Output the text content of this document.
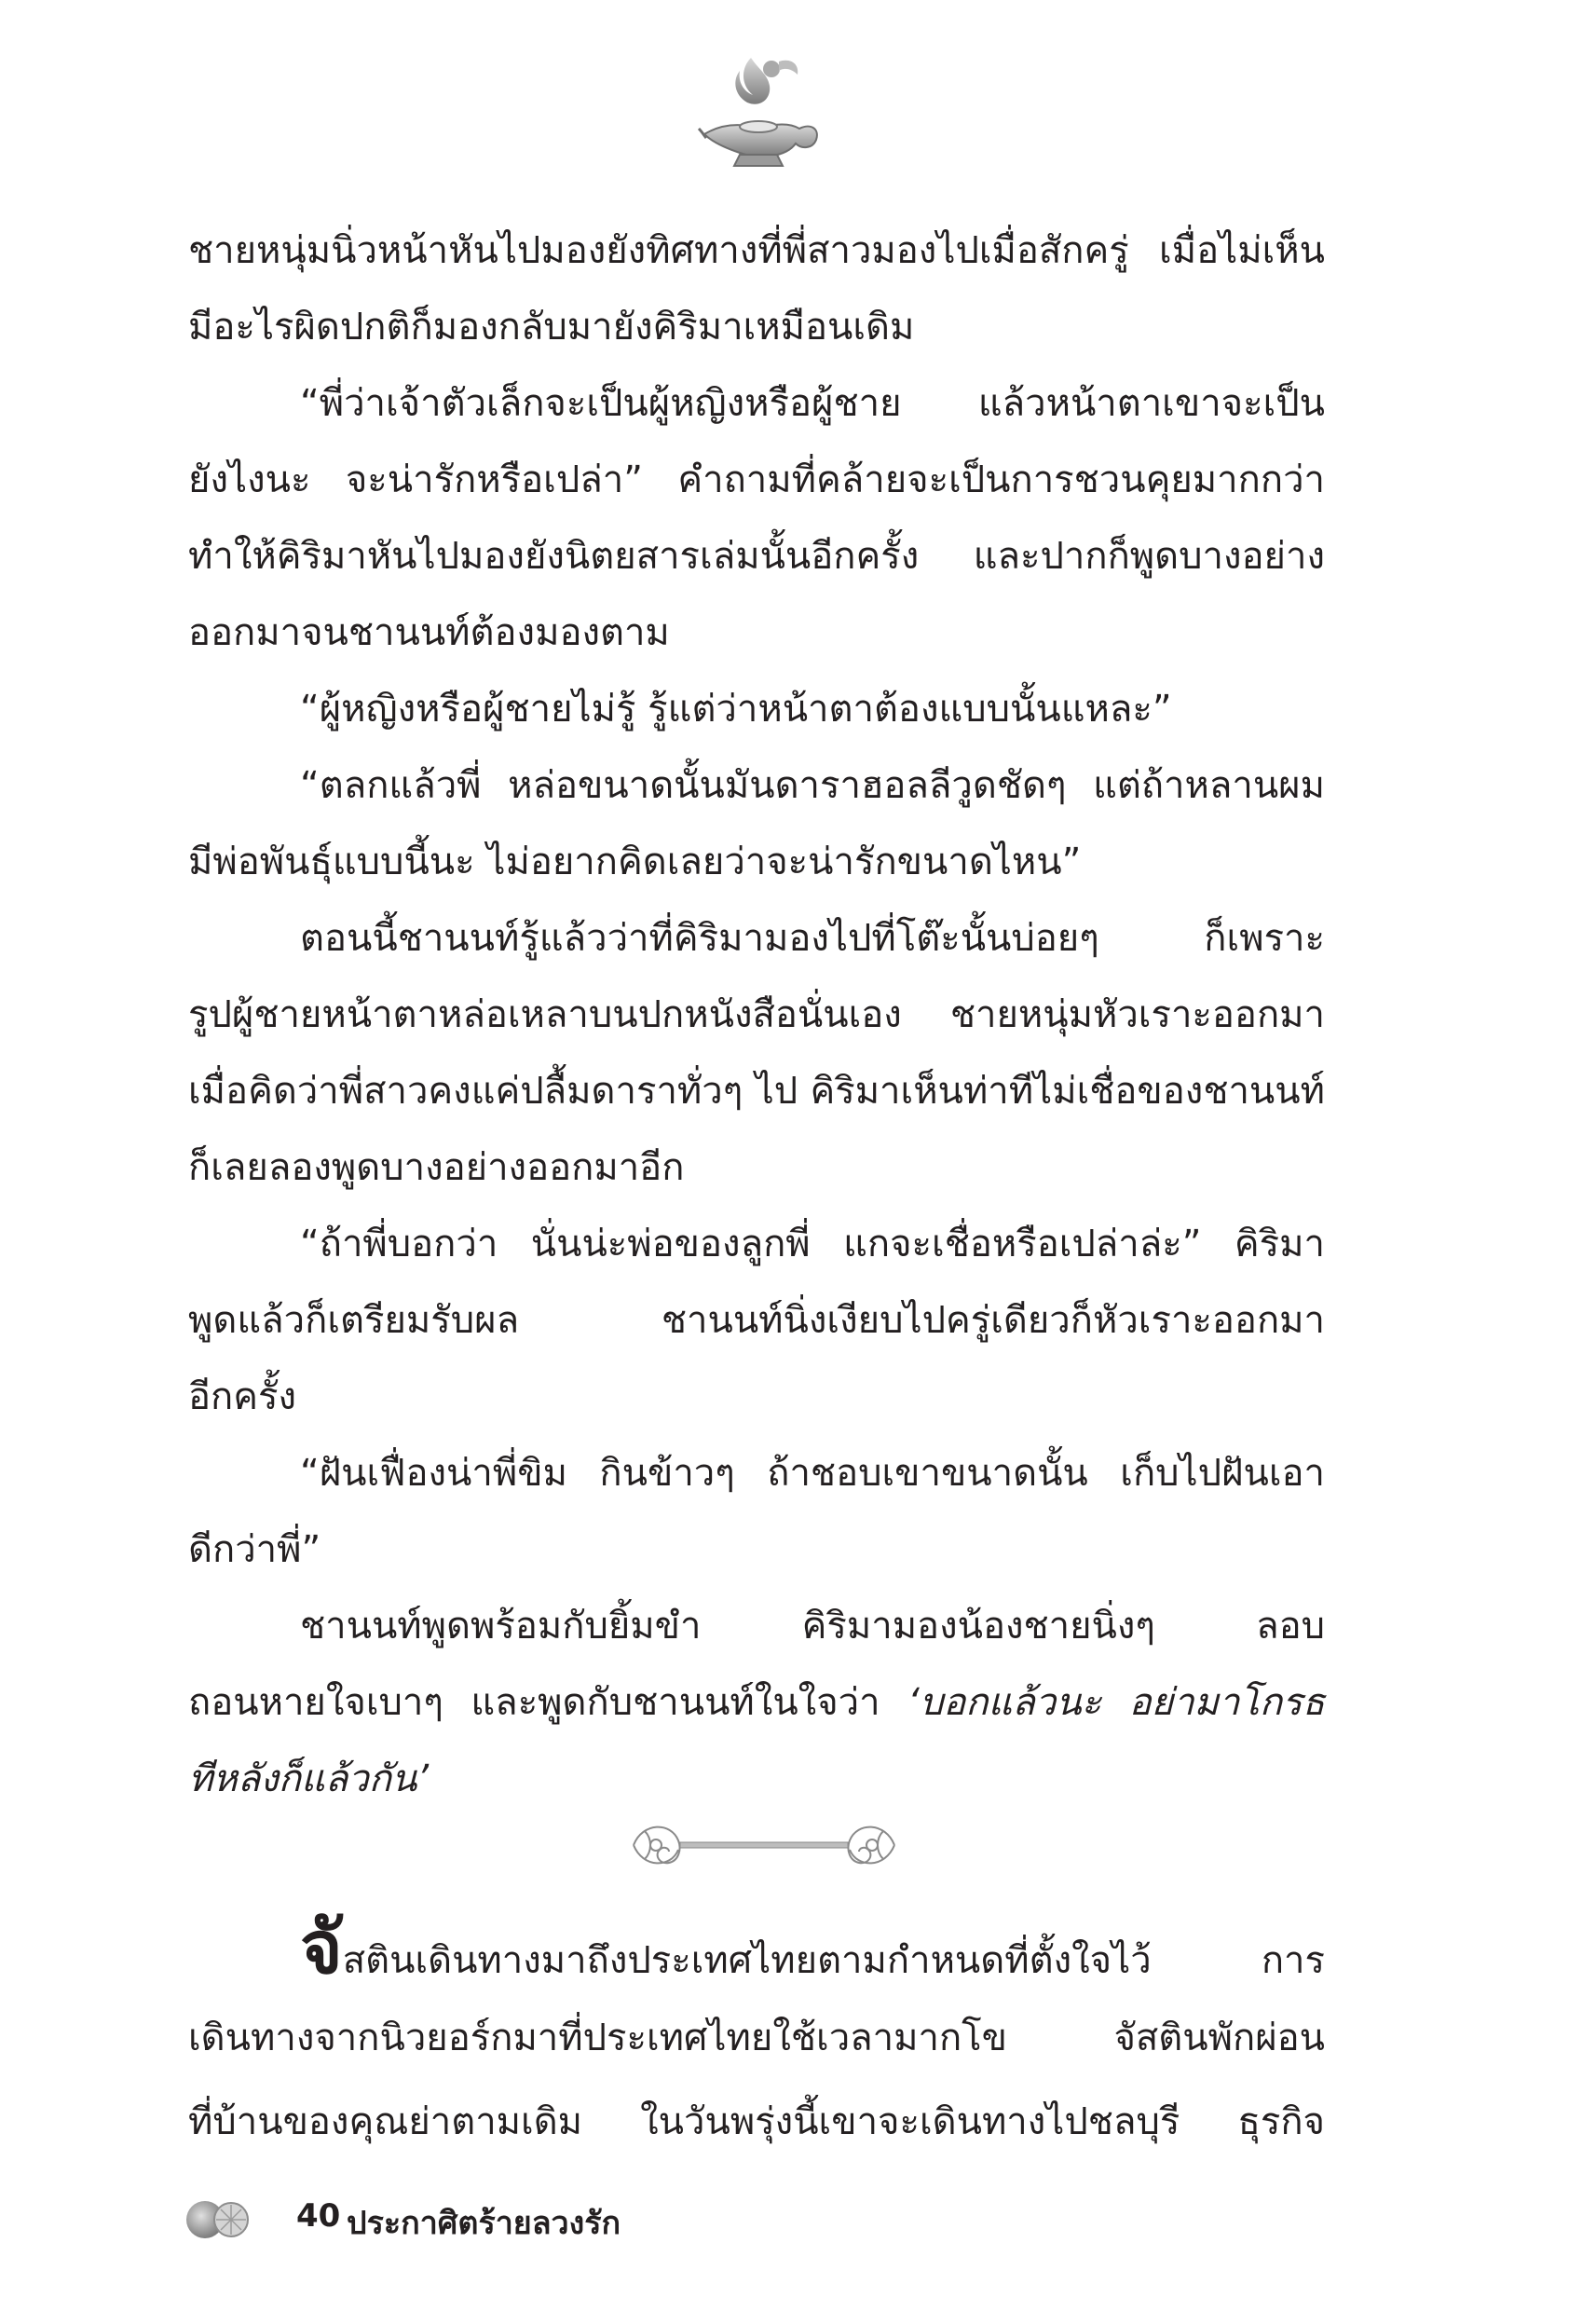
ชายหนุ่มนิ่วหน้าหันไปมองยังทิศทางที่พี่สาวมองไปเมื่อสักครู่ เมื่อไม่เห็น
มีอะไรผิดปกติก็มองกลับมายังคิริมาเหมือนเดิม
“พี่ว่าเจ้าตัวเล็กจะเป็นผู้หญิงหรือผู้ชาย แล้วหน้าตาเขาจะเป็น
ยังไงนะ จะน่ารักหรือเปล่า” คำถามที่คล้ายจะเป็นการชวนคุยมากกว่า
ทำให้คิริมาหันไปมองยังนิตยสารเล่มนั้นอีกครั้ง และปากก็พูดบางอย่าง
ออกมาจนชานนท์ต้องมองตาม
“ผู้หญิงหรือผู้ชายไม่รู้ รู้แต่ว่าหน้าตาต้องแบบนั้นแหละ”
“ตลกแล้วพี่ หล่อขนาดนั้นมันดาราฮอลลีวูดชัดๆ แต่ถ้าหลานผม
มีพ่อพันธุ์แบบนี้นะ ไม่อยากคิดเลยว่าจะน่ารักขนาดไหน”
ตอนนี้ชานนท์รู้แล้วว่าที่คิริมามองไปที่โต๊ะนั้นบ่อยๆ ก็เพราะ
รูปผู้ชายหน้าตาหล่อเหลาบนปกหนังสือนั่นเอง ชายหนุ่มหัวเราะออกมา
เมื่อคิดว่าพี่สาวคงแค่ปลื้มดาราทั่วๆ ไป คิริมาเห็นท่าทีไม่เชื่อของชานนท์
ก็เลยลองพูดบางอย่างออกมาอีก
“ถ้าพี่บอกว่า นั่นน่ะพ่อของลูกพี่ แกจะเชื่อหรือเปล่าล่ะ” คิริมา
พูดแล้วก็เตรียมรับผล ชานนท์นิ่งเงียบไปครู่เดียวก็หัวเราะออกมา
อีกครั้ง
“ฝันเฟื่องน่าพี่ขิม กินข้าวๆ ถ้าชอบเขาขนาดนั้น เก็บไปฝันเอา
ดีกว่าพี่”
ชานนท์พูดพร้อมกับยิ้มขำ คิริมามองน้องชายนิ่งๆ ลอบ
ถอนหายใจเบาๆ และพูดกับชานนท์ในใจว่า ‘บอกแล้วนะ อย่ามาโกรธ
ทีหลังก็แล้วกัน’
จัสตินเดินทางมาถึงประเทศไทยตามกำหนดที่ตั้งใจไว้ การ
เดินทางจากนิวยอร์กมาที่ประเทศไทยใช้เวลามากโข จัสตินพักผ่อน
ที่บ้านของคุณย่าตามเดิม ในวันพรุ่งนี้เขาจะเดินทางไปชลบุรี ธุรกิจ
40 ประกาศิตร้ายลวงรัก
